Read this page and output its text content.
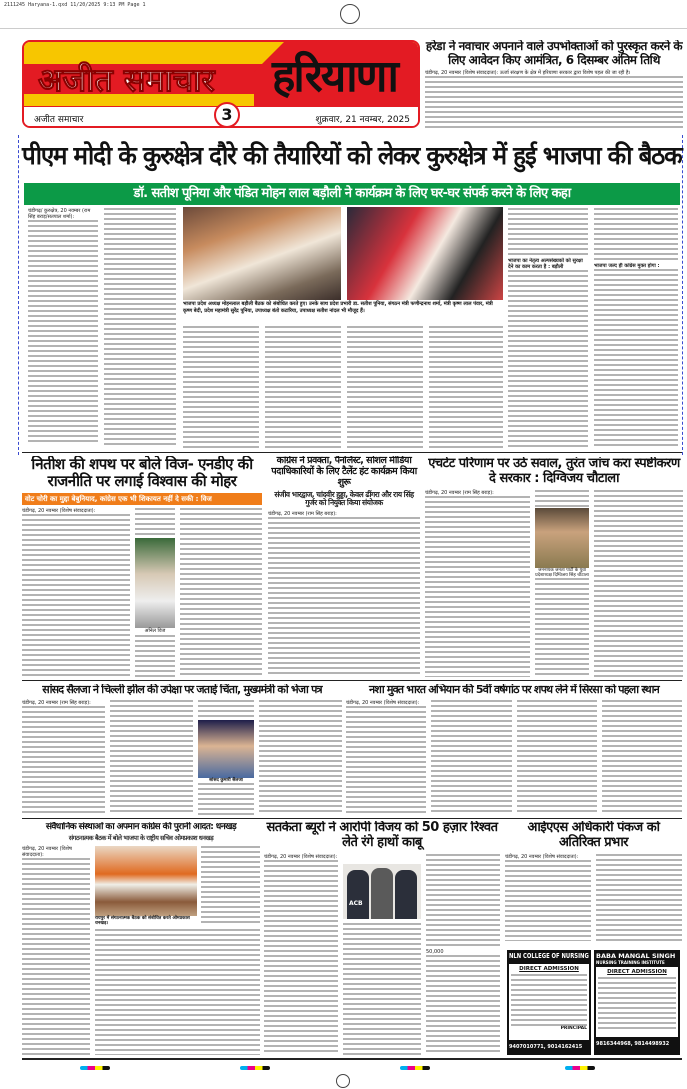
2111245 Haryana-1.qxd 11/20/2025 9:13 PM Page 1
अजीत समाचार हरियाणा
अजीत समाचार	3	शुक्रवार, 21 नवम्बर, 2025
हरेडा ने नवाचार अपनाने वाले उपभोक्ताओं को पुरस्कृत करने के लिए आवेदन किए आमंत्रित, 6 दिसम्बर अंतिम तिथि
चंडीगढ़, 20 नवम्बर (विशेष संवाददाता): ऊर्जा संरक्षण के क्षेत्र में हरियाणा सरकार द्वारा विशेष पहल की जा रही है।
पीएम मोदी के कुरुक्षेत्र दौरे की तैयारियों को लेकर कुरुक्षेत्र में हुई भाजपा की बैठक
डॉ. सतीश पूनिया और पंडित मोहन लाल बड़ौली ने कार्यक्रम के लिए घर-घर संपर्क करने के लिए कहा
चंडीगढ़/ कुरुक्षेत्र, 20 नवम्बर (राम सिंह बराड़/सतपाल शर्मा):
भाजपा प्रदेश अध्यक्ष मोहनलाल बड़ौली बैठक को संबोधित करते हुए। उनके साथ प्रदेश प्रभारी डा. सतीश पूनिया, संगठन मंत्री फणीन्द्रनाथ शर्मा, मंत्री कृष्ण लाल पंवार, मंत्री कृष्ण बेदी, प्रदेश महामंत्री सुरेंद्र पूनिया, उपाध्यक्ष बंतो कटारिया, उपाध्यक्ष सतीश नांदल भी मौजूद हैं।
भाजपा का नेतृत्व अल्पसंख्यकों को सुरक्षा देने का काम करता है : बड़ौली	भाजपा जल्द ही कांग्रेस मुक्त होगा :
नितीश की शपथ पर बोले विज- एनडीए की राजनीति पर लगाई विश्वास की मोहर
वोट चोरी का मुद्दा बेबुनियाद, कांग्रेस एक भी शिकायत नहीं दे सकी : विज
चंडीगढ़, 20 नवम्बर (विशेष संवाददाता):
अनिल विज
कांग्रेस ने प्रवक्ता, पैनलिस्ट, सोशल मीडिया पदाधिकारियों के लिए टैलेंट हंट कार्यक्रम किया शुरू
संजीव भारद्वाज, चांदवीर हुड्डा, केवल ढींगरा और राय सिंह गुर्जर को नियुक्त किया संयोजक
चंडीगढ़, 20 नवम्बर (राम सिंह बराड़):
एचटेट परिणाम पर उठे सवाल, तुरंत जांच करा स्पष्टीकरण दे सरकार : दिग्विजय चौटाला
चंडीगढ़, 20 नवम्बर (राम सिंह बराड़):
जननायक जनता पार्टी के युवा प्रदेशाध्यक्ष दिग्विजय सिंह चौटाला
सांसद सैलजा ने चिल्ली झील की उपेक्षा पर जताई चिंता, मुख्यमंत्री को भेजा पत्र
चंडीगढ़, 20 नवम्बर (राम सिंह बराड़):
सांसद कुमारी सैलजा
नशा मुक्त भारत अभियान की 5वीं वर्षगांठ पर शपथ लेने में सिरसा को पहला स्थान
चंडीगढ़, 20 नवम्बर (विशेष संवाददाता):
संवैधानिक संस्थाओं का अपमान कांग्रेस की पुरानी आदत: धनखड़
संगठनात्मक बैठक में बोले भाजपा के राष्ट्रीय सचिव ओमप्रकाश धनखड़
चंडीगढ़, 20 नवम्बर (विशेष संवाददाता):
रायपुर में संगठनात्मक बैठक को संबोधित करते ओमप्रकाश धनखड़।
सतर्कता ब्यूरो ने आरोपी विजय को 50 हज़ार रिश्वत लेते रंगे हाथों काबू
चंडीगढ़, 20 नवम्बर (विशेष संवाददाता):
ACB
50,000
आईएएस अधिकारी पंकज को अतिरिक्त प्रभार
चंडीगढ़, 20 नवम्बर (विशेष संवाददाता):
NLN COLLEGE OF NURSING
DIRECT ADMISSION
PRINCIPAL
9407010771, 9014162415
BABA MANGAL SINGH
NURSING TRAINING INSTITUTE
DIRECT ADMISSION
9816344968, 9814498932
